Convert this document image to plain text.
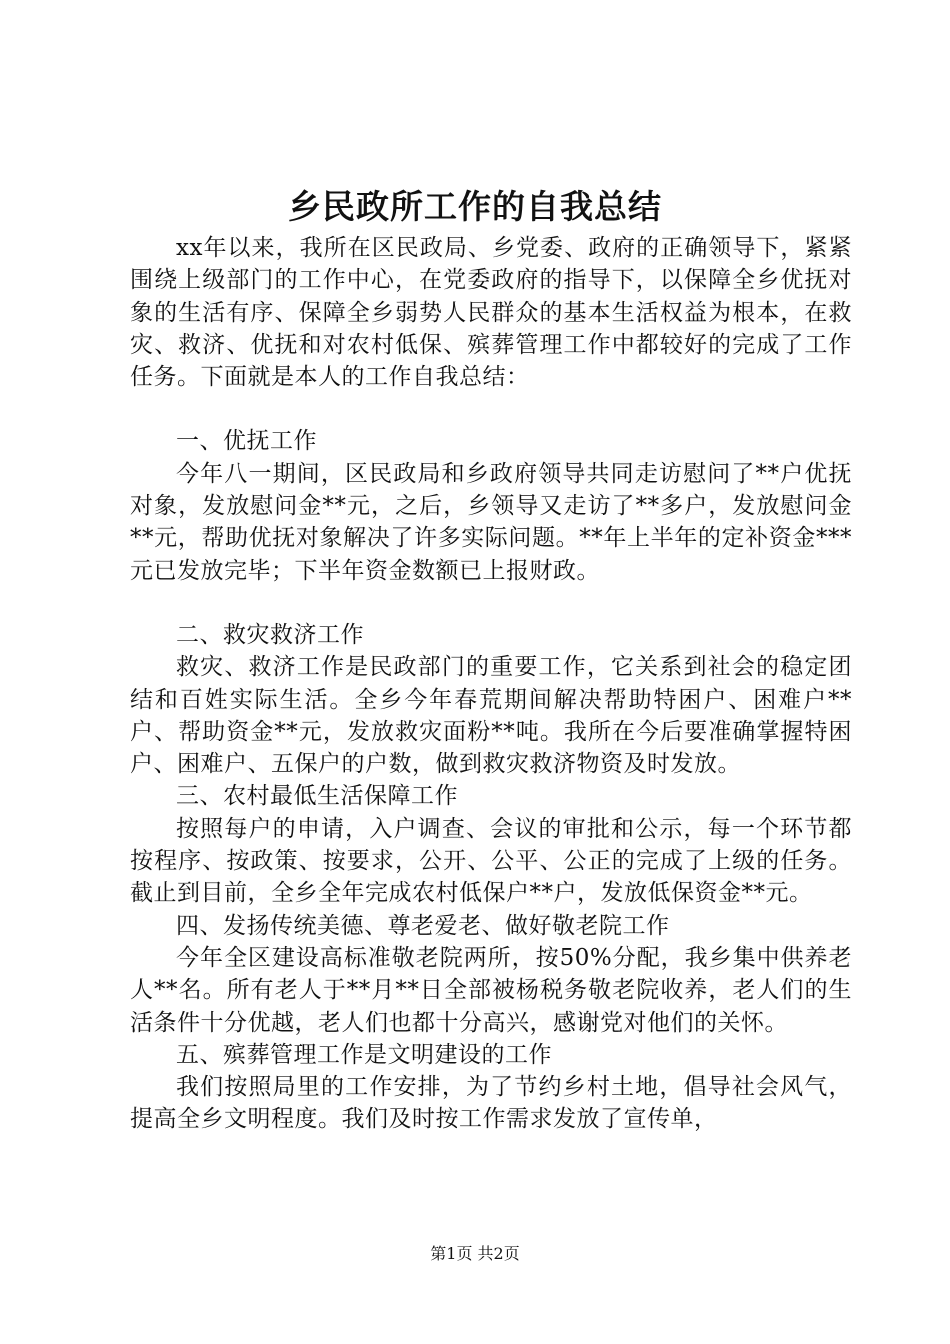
乡民政所工作的自我总结

xx年以来，我所在区民政局、乡党委、政府的正确领导下，紧紧围绕上级部门的工作中心，在党委政府的指导下，以保障全乡优抚对象的生活有序、保障全乡弱势人民群众的基本生活权益为根本，在救灾、救济、优抚和对农村低保、殡葬管理工作中都较好的完成了工作任务。下面就是本人的工作自我总结：

一、优抚工作

今年八一期间，区民政局和乡政府领导共同走访慰问了**户优抚对象，发放慰问金**元，之后，乡领导又走访了**多户，发放慰问金**元，帮助优抚对象解决了许多实际问题。**年上半年的定补资金***元已发放完毕；下半年资金数额已上报财政。

二、救灾救济工作

救灾、救济工作是民政部门的重要工作，它关系到社会的稳定团结和百姓实际生活。全乡今年春荒期间解决帮助特困户、困难户**户、帮助资金**元，发放救灾面粉**吨。我所在今后要准确掌握特困户、困难户、五保户的户数，做到救灾救济物资及时发放。

三、农村最低生活保障工作

按照每户的申请，入户调查、会议的审批和公示，每一个环节都按程序、按政策、按要求，公开、公平、公正的完成了上级的任务。截止到目前，全乡全年完成农村低保户**户，发放低保资金**元。

四、发扬传统美德、尊老爱老、做好敬老院工作

今年全区建设高标准敬老院两所，按50%分配，我乡集中供养老人**名。所有老人于**月**日全部被杨税务敬老院收养，老人们的生活条件十分优越，老人们也都十分高兴，感谢党对他们的关怀。

五、殡葬管理工作是文明建设的工作

我们按照局里的工作安排，为了节约乡村土地，倡导社会风气，提高全乡文明程度。我们及时按工作需求发放了宣传单，

第1页 共2页
